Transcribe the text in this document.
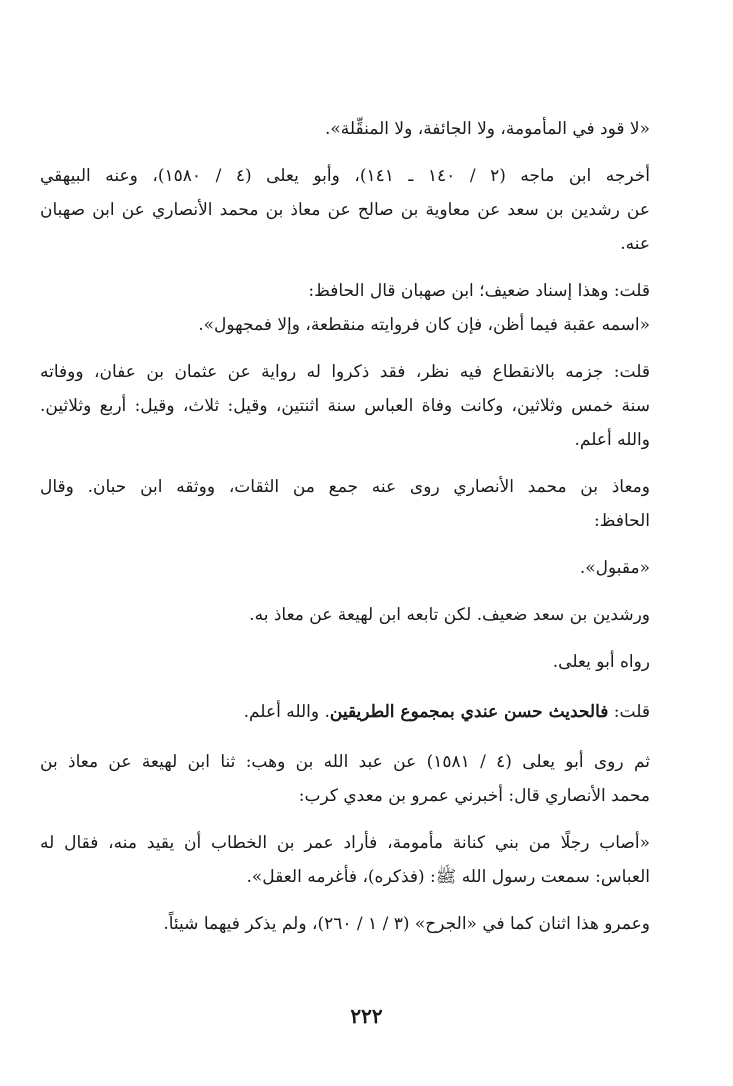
«لا قود في المأمومة، ولا الجائفة، ولا المنقِّلة».
أخرجه ابن ماجه (٢ / ١٤٠ ـ ١٤١)، وأبو يعلى (٤ / ١٥٨٠)، وعنه البيهقي
عن رشدين بن سعد عن معاوية بن صالح عن معاذ بن محمد الأنصاري عن ابن صهبان
عنه.
قلت: وهذا إسناد ضعيف؛ ابن صهبان قال الحافظ:
«اسمه عقبة فيما أظن، فإن كان فروايته منقطعة، وإلا فمجهول».
قلت: جزمه بالانقطاع فيه نظر، فقد ذكروا له رواية عن عثمان بن عفان، ووفاته
سنة خمس وثلاثين، وكانت وفاة العباس سنة اثنتين، وقيل: ثلاث، وقيل: أربع وثلاثين.
والله أعلم.
ومعاذ بن محمد الأنصاري روى عنه جمع من الثقات، ووثقه ابن حبان. وقال
الحافظ:
«مقبول».
ورشدين بن سعد ضعيف. لكن تابعه ابن لهيعة عن معاذ به.
رواه أبو يعلى.
قلت: فالحديث حسن عندي بمجموع الطريقين. والله أعلم.
ثم روى أبو يعلى (٤ / ١٥٨١) عن عبد الله بن وهب: ثنا ابن لهيعة عن معاذ بن
محمد الأنصاري قال: أخبرني عمرو بن معدي كرب:
«أصاب رجلًا من بني كنانة مأمومة، فأراد عمر بن الخطاب أن يقيد منه، فقال له
العباس: سمعت رسول الله ﷺ: (فذكره)، فأغرمه العقل».
وعمرو هذا اثنان كما في «الجرح» (٣ / ١ / ٢٦٠)، ولم يذكر فيهما شيئاً.
٢٢٢
